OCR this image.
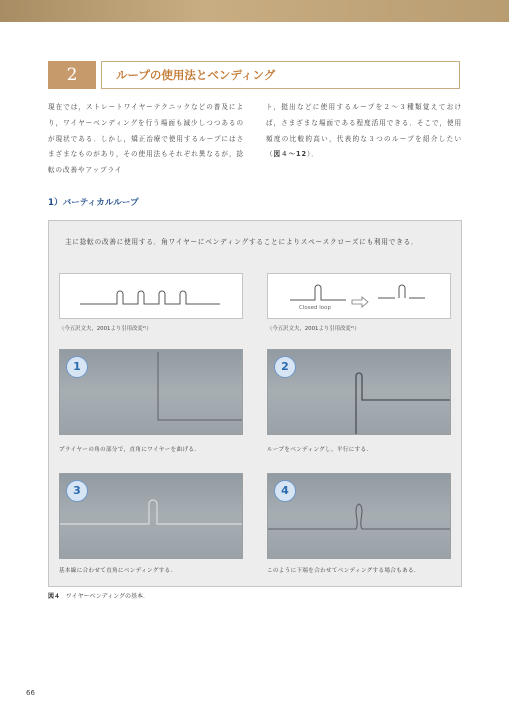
2	ループの使用法とベンディング
現在では，ストレートワイヤーテクニックなどの普及により，ワイヤーベンディングを行う場面も減少しつつあるのが現状である．しかし，矯正治療で使用するループにはさまざまなものがあり，その使用法もそれぞれ異なるが，捻転の改善やアップライ
ト，挺出などに使用するループを２〜３種類覚えておけば，さまざまな場面である程度活用できる．そこで，使用頻度の比較的高い，代表的な３つのループを紹介したい（図４〜12）．
1）バーティカルループ
主に捻転の改善に使用する．角ワイヤーにベンディングすることによりスペースクローズにも利用できる．
（今五沢文夫，2001より引用改変²⁾）
Closed loop
（今五沢文夫，2001より引用改変²⁾）
1
プライヤーの角の部分で，直角にワイヤーを曲げる．
2
ループをベンディングし，平行にする．
3
基本線に合わせて直角にベンディングする．
4
このように下端を合わせてベンディングする場合もある．
図４ ワイヤーベンディングの基本．
66
